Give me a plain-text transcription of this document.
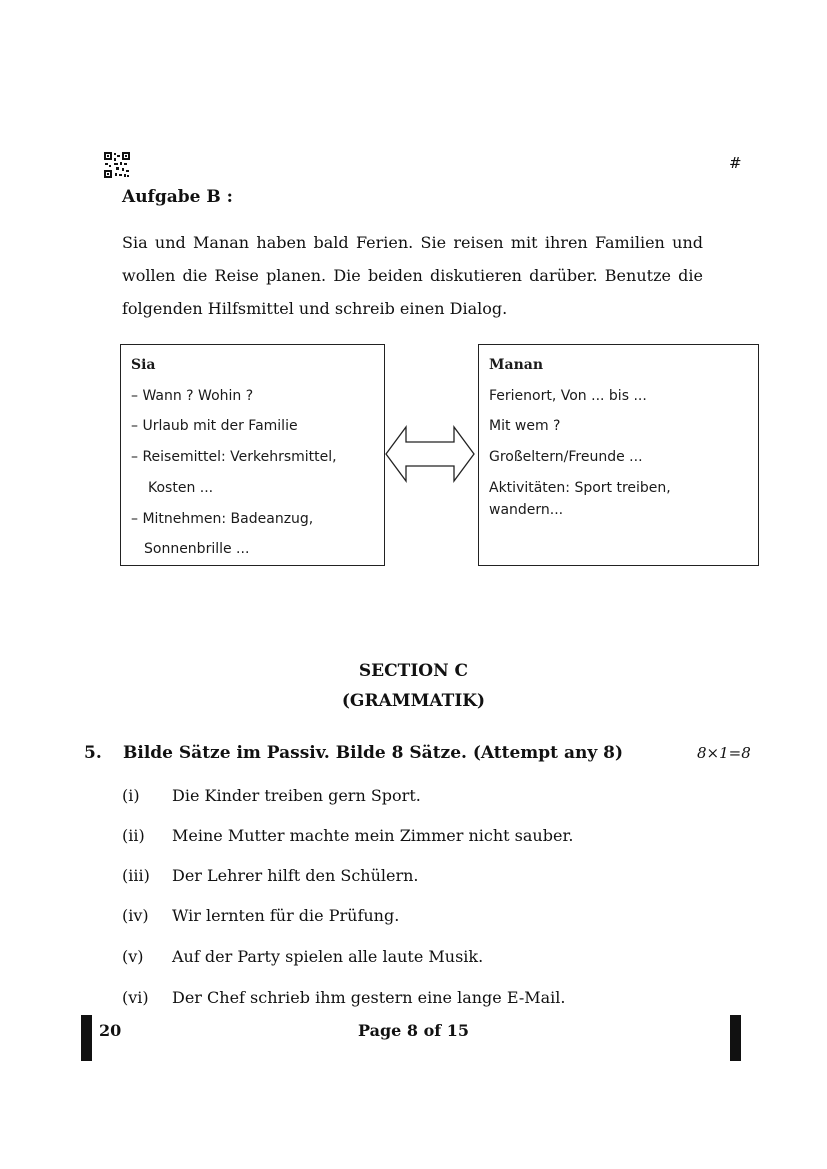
#
Aufgabe B :
Sia und Manan haben bald Ferien. Sie reisen mit ihren Familien und
wollen die Reise planen. Die beiden diskutieren darüber. Benutze die
folgenden Hilfsmittel und schreib einen Dialog.
Sia
– Wann ? Wohin ?
– Urlaub mit der Familie
– Reisemittel: Verkehrsmittel,
Kosten ...
– Mitnehmen: Badeanzug,
Sonnenbrille ...
Manan
Ferienort, Von ... bis ...
Mit wem ?
Großeltern/Freunde ...
Aktivitäten: Sport treiben,
wandern...
SECTION C
(GRAMMATIK)
5. Bilde Sätze im Passiv. Bilde 8 Sätze. (Attempt any 8)	8×1=8
(i) Die Kinder treiben gern Sport.
(ii) Meine Mutter machte mein Zimmer nicht sauber.
(iii) Der Lehrer hilft den Schülern.
(iv) Wir lernten für die Prüfung.
(v) Auf der Party spielen alle laute Musik.
(vi) Der Chef schrieb ihm gestern eine lange E-Mail.
20	Page 8 of 15
